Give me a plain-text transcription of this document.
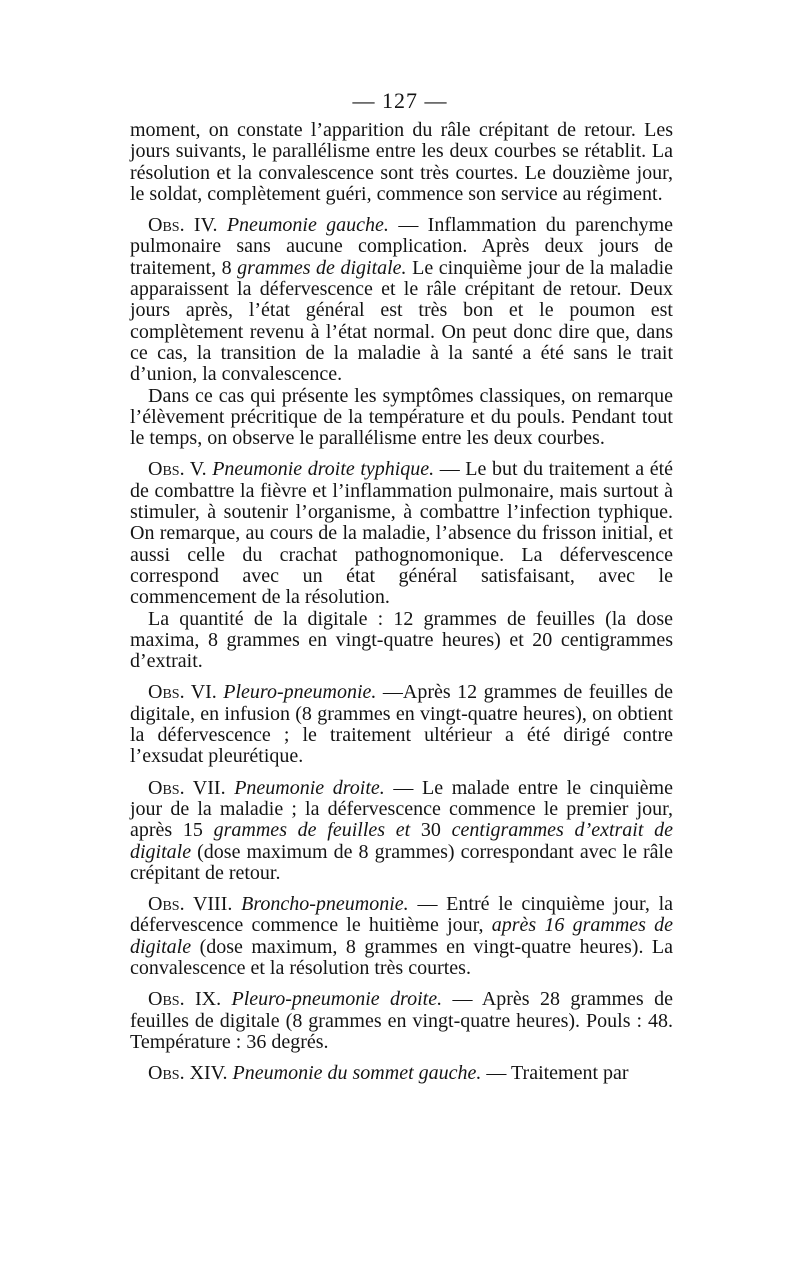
— 127 —

moment, on constate l’apparition du râle crépitant de retour. Les jours suivants, le parallélisme entre les deux courbes se rétablit. La résolution et la convalescence sont très courtes. Le douzième jour, le soldat, complètement guéri, commence son service au régiment.

Obs. IV. Pneumonie gauche. — Inflammation du parenchyme pulmonaire sans aucune complication. Après deux jours de traitement, 8 grammes de digitale. Le cinquième jour de la maladie apparaissent la défervescence et le râle crépitant de retour. Deux jours après, l’état général est très bon et le poumon est complètement revenu à l’état normal. On peut donc dire que, dans ce cas, la transition de la maladie à la santé a été sans le trait d’union, la convalescence.

Dans ce cas qui présente les symptômes classiques, on remarque l’élèvement précritique de la température et du pouls. Pendant tout le temps, on observe le parallélisme entre les deux courbes.

Obs. V. Pneumonie droite typhique. — Le but du traitement a été de combattre la fièvre et l’inflammation pulmonaire, mais surtout à stimuler, à soutenir l’organisme, à combattre l’infection typhique. On remarque, au cours de la maladie, l’absence du frisson initial, et aussi celle du crachat pathognomonique. La défervescence correspond avec un état général satisfaisant, avec le commencement de la résolution.

La quantité de la digitale : 12 grammes de feuilles (la dose maxima, 8 grammes en vingt-quatre heures) et 20 centigrammes d’extrait.

Obs. VI. Pleuro-pneumonie. —Après 12 grammes de feuilles de digitale, en infusion (8 grammes en vingt-quatre heures), on obtient la défervescence ; le traitement ultérieur a été dirigé contre l’exsudat pleurétique.

Obs. VII. Pneumonie droite. — Le malade entre le cinquième jour de la maladie ; la défervescence commence le premier jour, après 15 grammes de feuilles et 30 centigrammes d’extrait de digitale (dose maximum de 8 grammes) correspondant avec le râle crépitant de retour.

Obs. VIII. Broncho-pneumonie. — Entré le cinquième jour, la défervescence commence le huitième jour, après 16 grammes de digitale (dose maximum, 8 grammes en vingt-quatre heures). La convalescence et la résolution très courtes.

Obs. IX. Pleuro-pneumonie droite. — Après 28 grammes de feuilles de digitale (8 grammes en vingt-quatre heures). Pouls : 48. Température : 36 degrés.

Obs. XIV. Pneumonie du sommet gauche. — Traitement par
